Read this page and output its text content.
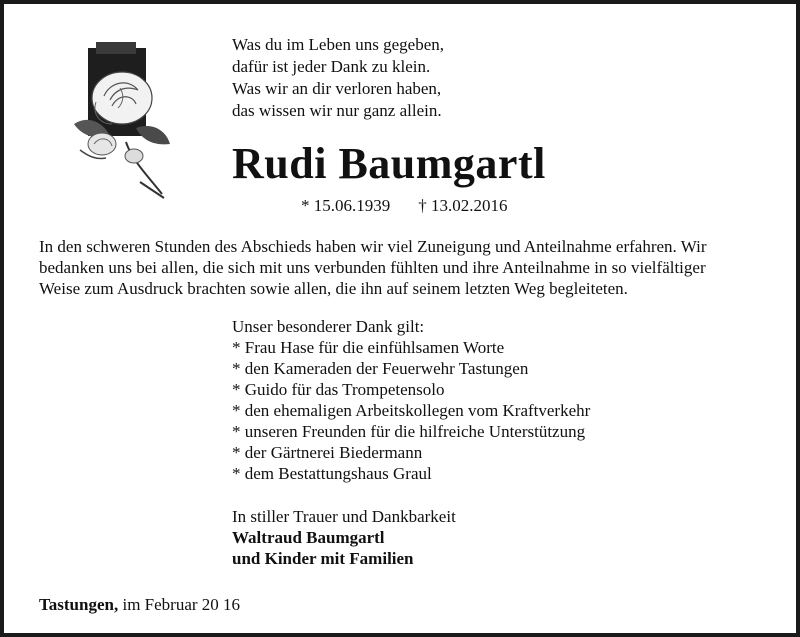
Was du im Leben uns gegeben,
dafür ist jeder Dank zu klein.
Was wir an dir verloren haben,
das wissen wir nur ganz allein.
Rudi Baumgartl
* 15.06.1939 † 13.02.2016
In den schweren Stunden des Abschieds haben wir viel Zuneigung und Anteilnahme erfahren. Wir
bedanken uns bei allen, die sich mit uns verbunden fühlten und ihre Anteilnahme in so vielfältiger
Weise zum Ausdruck brachten sowie allen, die ihn auf seinem letzten Weg begleiteten.
Unser besonderer Dank gilt:
* Frau Hase für die einfühlsamen Worte
* den Kameraden der Feuerwehr Tastungen
* Guido für das Trompetensolo
* den ehemaligen Arbeitskollegen vom Kraftverkehr
* unseren Freunden für die hilfreiche Unterstützung
* der Gärtnerei Biedermann
* dem Bestattungshaus Graul
In stiller Trauer und Dankbarkeit
Waltraud Baumgartl
und Kinder mit Familien
Tastungen, im Februar 20 16
